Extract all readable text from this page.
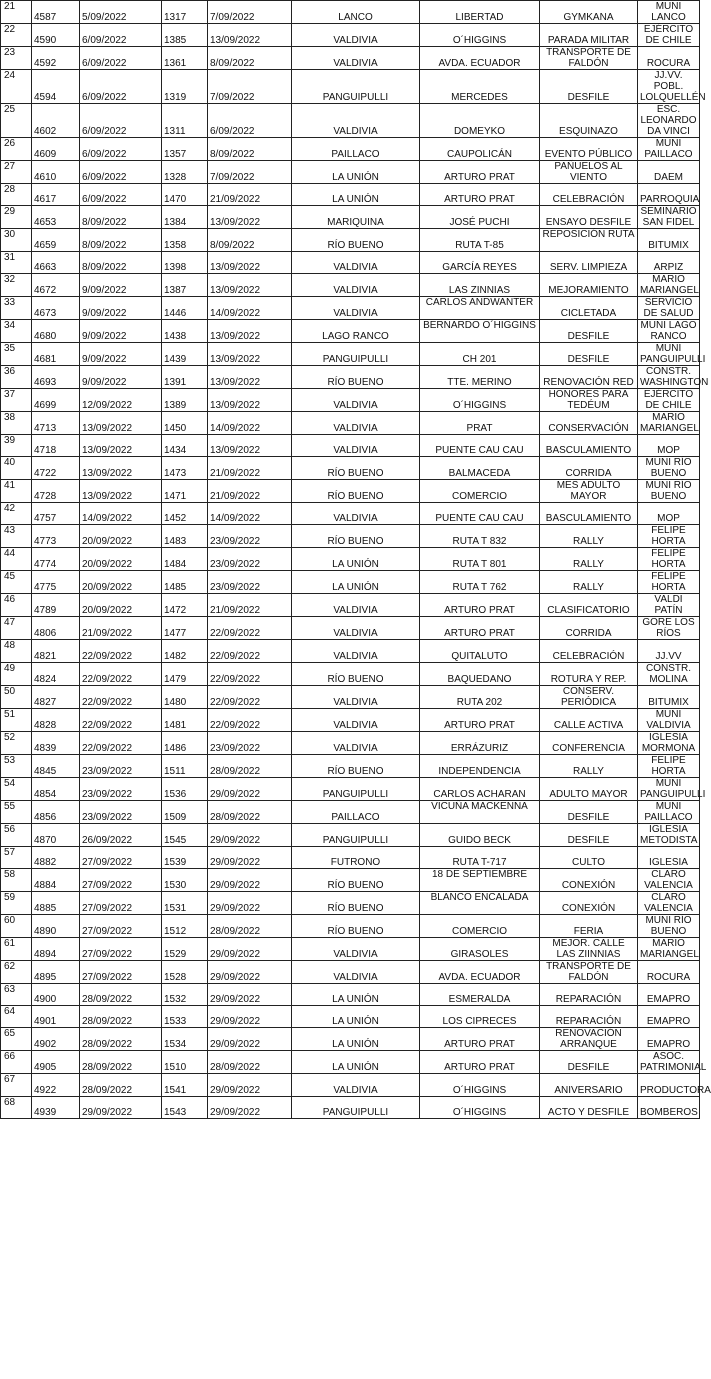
21	4587	5/09/2022	1317	7/09/2022	LANCO	LIBERTAD	GYMKANA	MUNI LANCO
22	4590	6/09/2022	1385	13/09/2022	VALDIVIA	O´HIGGINS	PARADA MILITAR	EJÉRCITO DE CHILE
23	4592	6/09/2022	1361	8/09/2022	VALDIVIA	AVDA. ECUADOR	TRANSPORTE DE FALDÓN	ROCURA
24	4594	6/09/2022	1319	7/09/2022	PANGUIPULLI	MERCEDES	DESFILE	JJ.VV. POBL. LOLQUELLÉN
25	4602	6/09/2022	1311	6/09/2022	VALDIVIA	DOMEYKO	ESQUINAZO	ESC. LEONARDO DA VINCI
26	4609	6/09/2022	1357	8/09/2022	PAILLACO	CAUPOLICÁN	EVENTO PÚBLICO	MUNI PAILLACO
27	4610	6/09/2022	1328	7/09/2022	LA UNIÓN	ARTURO PRAT	PAÑUELOS AL VIENTO	DAEM
28	4617	6/09/2022	1470	21/09/2022	LA UNIÓN	ARTURO PRAT	CELEBRACIÓN	PARROQUIA
29	4653	8/09/2022	1384	13/09/2022	MARIQUINA	JOSÉ PUCHI	ENSAYO DESFILE	SEMINARIO SAN FIDEL
30	4659	8/09/2022	1358	8/09/2022	RÍO BUENO	RUTA T-85	REPOSICIÓN RUTA	BITUMIX
31	4663	8/09/2022	1398	13/09/2022	VALDIVIA	GARCÍA REYES	SERV. LIMPIEZA	ARPIZ
32	4672	9/09/2022	1387	13/09/2022	VALDIVIA	LAS ZINNIAS	MEJORAMIENTO	MARIO MARIANGEL
33	4673	9/09/2022	1446	14/09/2022	VALDIVIA	CARLOS ANDWANTER	CICLETADA	SERVICIO DE SALUD
34	4680	9/09/2022	1438	13/09/2022	LAGO RANCO	BERNARDO O´HIGGINS	DESFILE	MUNI LAGO RANCO
35	4681	9/09/2022	1439	13/09/2022	PANGUIPULLI	CH 201	DESFILE	MUNI PANGUIPULLI
36	4693	9/09/2022	1391	13/09/2022	RÍO BUENO	TTE. MERINO	RENOVACIÓN RED	CONSTR. WASHINGTON
37	4699	12/09/2022	1389	13/09/2022	VALDIVIA	O´HIGGINS	HONORES PARA TEDÉUM	EJÉRCITO DE CHILE
38	4713	13/09/2022	1450	14/09/2022	VALDIVIA	PRAT	CONSERVACIÓN	MARIO MARIANGEL
39	4718	13/09/2022	1434	13/09/2022	VALDIVIA	PUENTE CAU CAU	BASCULAMIENTO	MOP
40	4722	13/09/2022	1473	21/09/2022	RÍO BUENO	BALMACEDA	CORRIDA	MUNI RÍO BUENO
41	4728	13/09/2022	1471	21/09/2022	RÍO BUENO	COMERCIO	MES ADULTO MAYOR	MUNI RÍO BUENO
42	4757	14/09/2022	1452	14/09/2022	VALDIVIA	PUENTE CAU CAU	BASCULAMIENTO	MOP
43	4773	20/09/2022	1483	23/09/2022	RÍO BUENO	RUTA T 832	RALLY	FELIPE HORTA
44	4774	20/09/2022	1484	23/09/2022	LA UNIÓN	RUTA T 801	RALLY	FELIPE HORTA
45	4775	20/09/2022	1485	23/09/2022	LA UNIÓN	RUTA T 762	RALLY	FELIPE HORTA
46	4789	20/09/2022	1472	21/09/2022	VALDIVIA	ARTURO PRAT	CLASIFICATORIO	VALDI PATÍN
47	4806	21/09/2022	1477	22/09/2022	VALDIVIA	ARTURO PRAT	CORRIDA	GORE LOS RÍOS
48	4821	22/09/2022	1482	22/09/2022	VALDIVIA	QUITALUTO	CELEBRACIÓN	JJ.VV
49	4824	22/09/2022	1479	22/09/2022	RÍO BUENO	BAQUEDANO	ROTURA Y REP.	CONSTR. MOLINA
50	4827	22/09/2022	1480	22/09/2022	VALDIVIA	RUTA 202	CONSERV. PERIÓDICA	BITUMIX
51	4828	22/09/2022	1481	22/09/2022	VALDIVIA	ARTURO PRAT	CALLE ACTIVA	MUNI VALDIVIA
52	4839	22/09/2022	1486	23/09/2022	VALDIVIA	ERRÁZURIZ	CONFERENCIA	IGLESIA MORMONA
53	4845	23/09/2022	1511	28/09/2022	RÍO BUENO	INDEPENDENCIA	RALLY	FELIPE HORTA
54	4854	23/09/2022	1536	29/09/2022	PANGUIPULLI	CARLOS ACHARAN	ADULTO MAYOR	MUNI PANGUIPULLI
55	4856	23/09/2022	1509	28/09/2022	PAILLACO	VICUÑA MACKENNA	DESFILE	MUNI PAILLACO
56	4870	26/09/2022	1545	29/09/2022	PANGUIPULLI	GUIDO BECK	DESFILE	IGLESIA METODISTA
57	4882	27/09/2022	1539	29/09/2022	FUTRONO	RUTA T-717	CULTO	IGLESIA
58	4884	27/09/2022	1530	29/09/2022	RÍO BUENO	18 DE SEPTIEMBRE	CONEXIÓN	CLARO VALENCIA
59	4885	27/09/2022	1531	29/09/2022	RÍO BUENO	BLANCO ENCALADA	CONEXIÓN	CLARO VALENCIA
60	4890	27/09/2022	1512	28/09/2022	RÍO BUENO	COMERCIO	FERIA	MUNI RÍO BUENO
61	4894	27/09/2022	1529	29/09/2022	VALDIVIA	GIRASOLES	MEJOR. CALLE LAS ZIINNIAS	MARIO MARIANGEL
62	4895	27/09/2022	1528	29/09/2022	VALDIVIA	AVDA. ECUADOR	TRANSPORTE DE FALDÓN	ROCURA
63	4900	28/09/2022	1532	29/09/2022	LA UNIÓN	ESMERALDA	REPARACIÓN	EMAPRO
64	4901	28/09/2022	1533	29/09/2022	LA UNIÓN	LOS CIPRECES	REPARACIÓN	EMAPRO
65	4902	28/09/2022	1534	29/09/2022	LA UNIÓN	ARTURO PRAT	RENOVACIÓN ARRANQUE	EMAPRO
66	4905	28/09/2022	1510	28/09/2022	LA UNIÓN	ARTURO PRAT	DESFILE	ASOC. PATRIMONIAL
67	4922	28/09/2022	1541	29/09/2022	VALDIVIA	O´HIGGINS	ANIVERSARIO	PRODUCTORA
68	4939	29/09/2022	1543	29/09/2022	PANGUIPULLI	O´HIGGINS	ACTO Y DESFILE	BOMBEROS
